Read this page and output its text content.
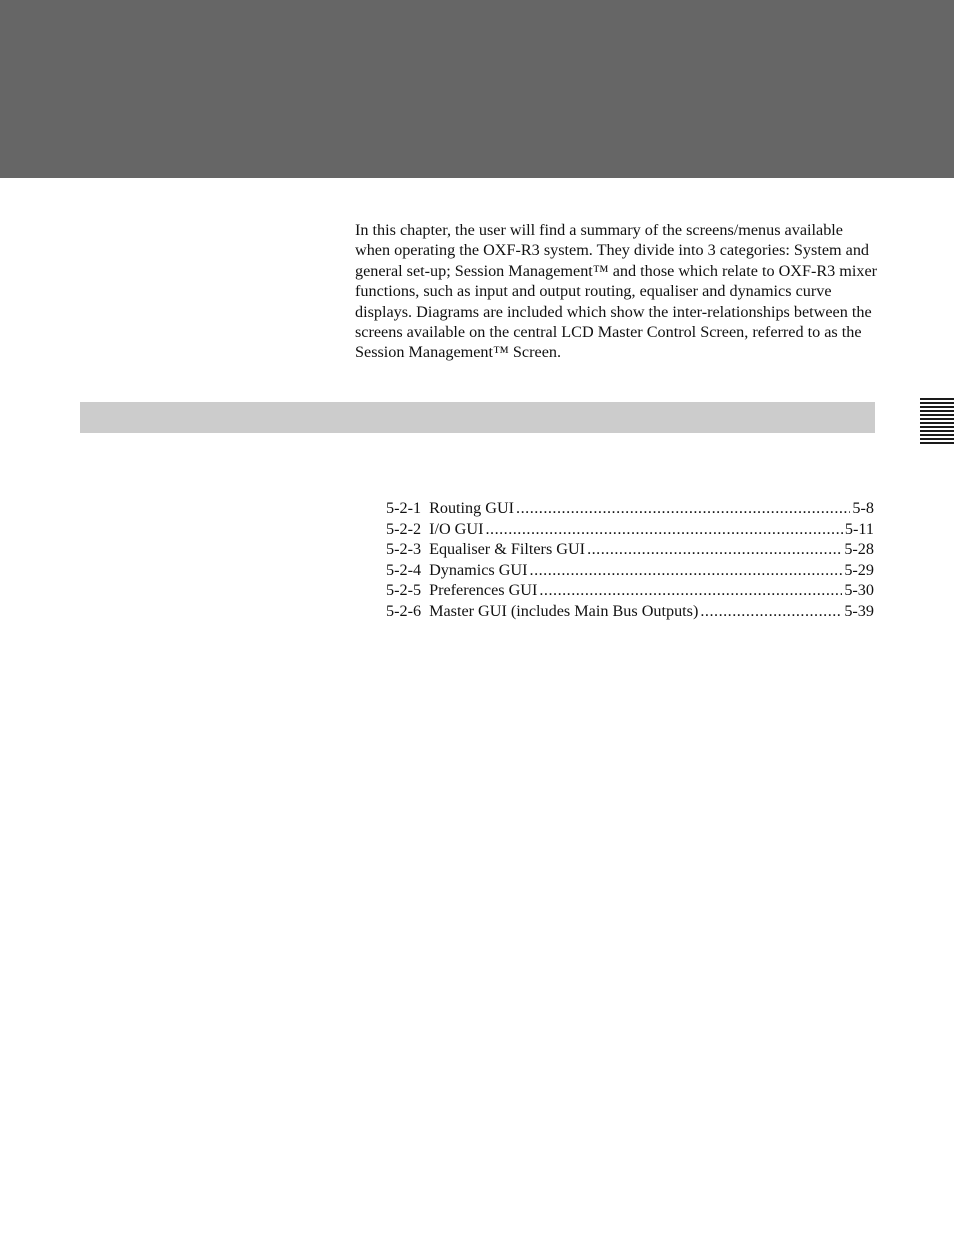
In this chapter, the user will find a summary of the screens/menus available when operating the OXF-R3 system. They divide into 3 categories: System and general set-up; Session Management™ and those which relate to OXF-R3 mixer functions, such as input and output routing, equaliser and dynamics curve displays. Diagrams are included which show the inter-relationships between the screens available on the central LCD Master Control Screen, referred to as the Session Management™ Screen.

5-2-1 Routing GUI .....	5-8
5-2-2 I/O GUI .....	5-11
5-2-3 Equaliser & Filters GUI .....	5-28
5-2-4 Dynamics GUI .....	5-29
5-2-5 Preferences GUI .....	5-30
5-2-6 Master GUI (includes Main Bus Outputs) .....	5-39
